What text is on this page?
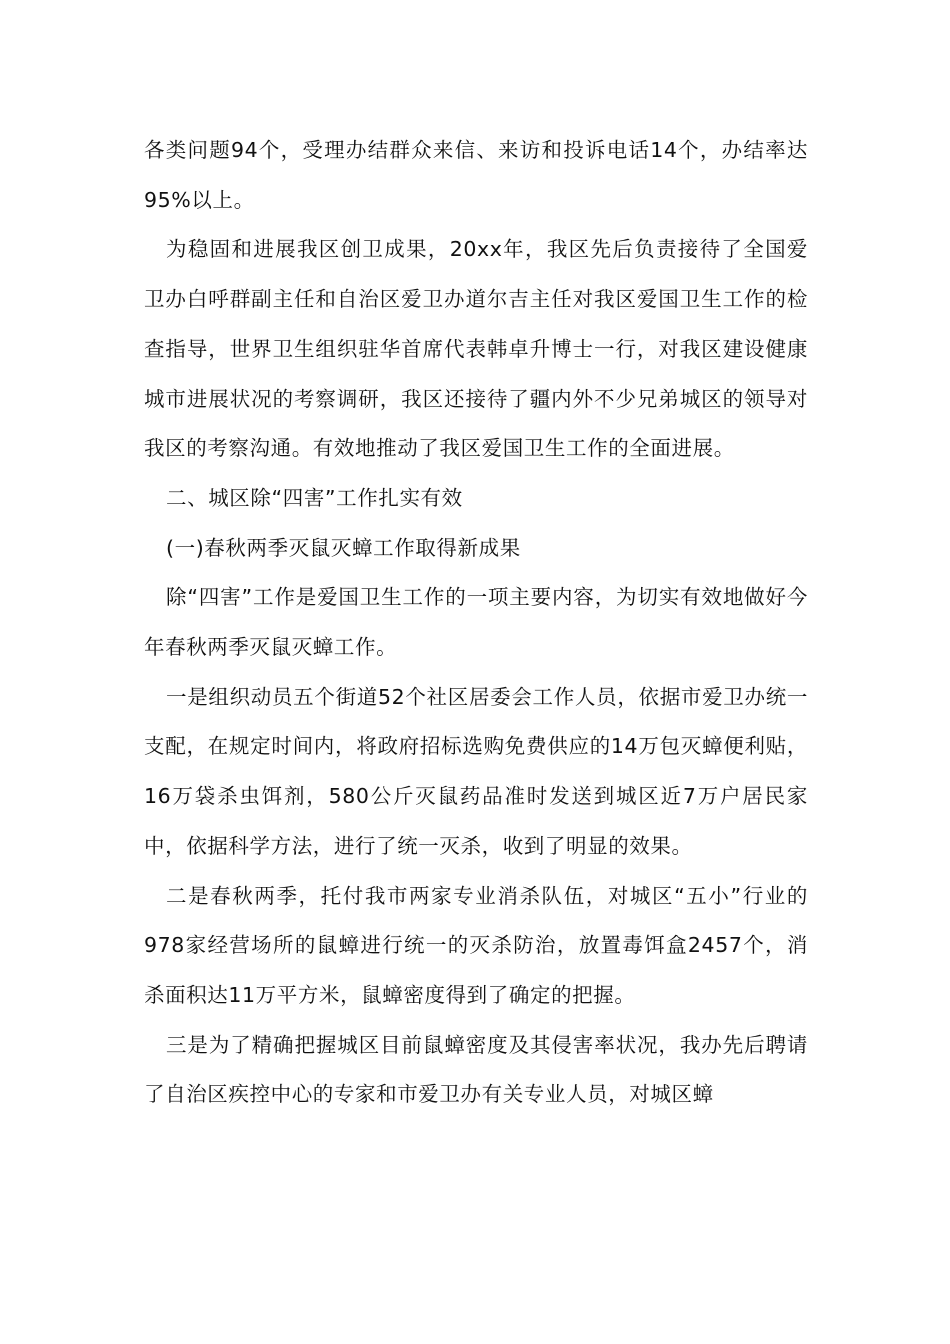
各类问题94个，受理办结群众来信、来访和投诉电话14个，办结率达95%以上。

为稳固和进展我区创卫成果，20xx年，我区先后负责接待了全国爱卫办白呼群副主任和自治区爱卫办道尔吉主任对我区爱国卫生工作的检查指导，世界卫生组织驻华首席代表韩卓升博士一行，对我区建设健康城市进展状况的考察调研，我区还接待了疆内外不少兄弟城区的领导对我区的考察沟通。有效地推动了我区爱国卫生工作的全面进展。

二、城区除“四害”工作扎实有效

(一)春秋两季灭鼠灭蟑工作取得新成果

除“四害”工作是爱国卫生工作的一项主要内容，为切实有效地做好今年春秋两季灭鼠灭蟑工作。

一是组织动员五个街道52个社区居委会工作人员，依据市爱卫办统一支配，在规定时间内，将政府招标选购免费供应的14万包灭蟑便利贴，16万袋杀虫饵剂，580公斤灭鼠药品准时发送到城区近7万户居民家中，依据科学方法，进行了统一灭杀，收到了明显的效果。

二是春秋两季，托付我市两家专业消杀队伍，对城区“五小”行业的978家经营场所的鼠蟑进行统一的灭杀防治，放置毒饵盒2457个，消杀面积达11万平方米，鼠蟑密度得到了确定的把握。

三是为了精确把握城区目前鼠蟑密度及其侵害率状况，我办先后聘请了自治区疾控中心的专家和市爱卫办有关专业人员，对城区蟑
